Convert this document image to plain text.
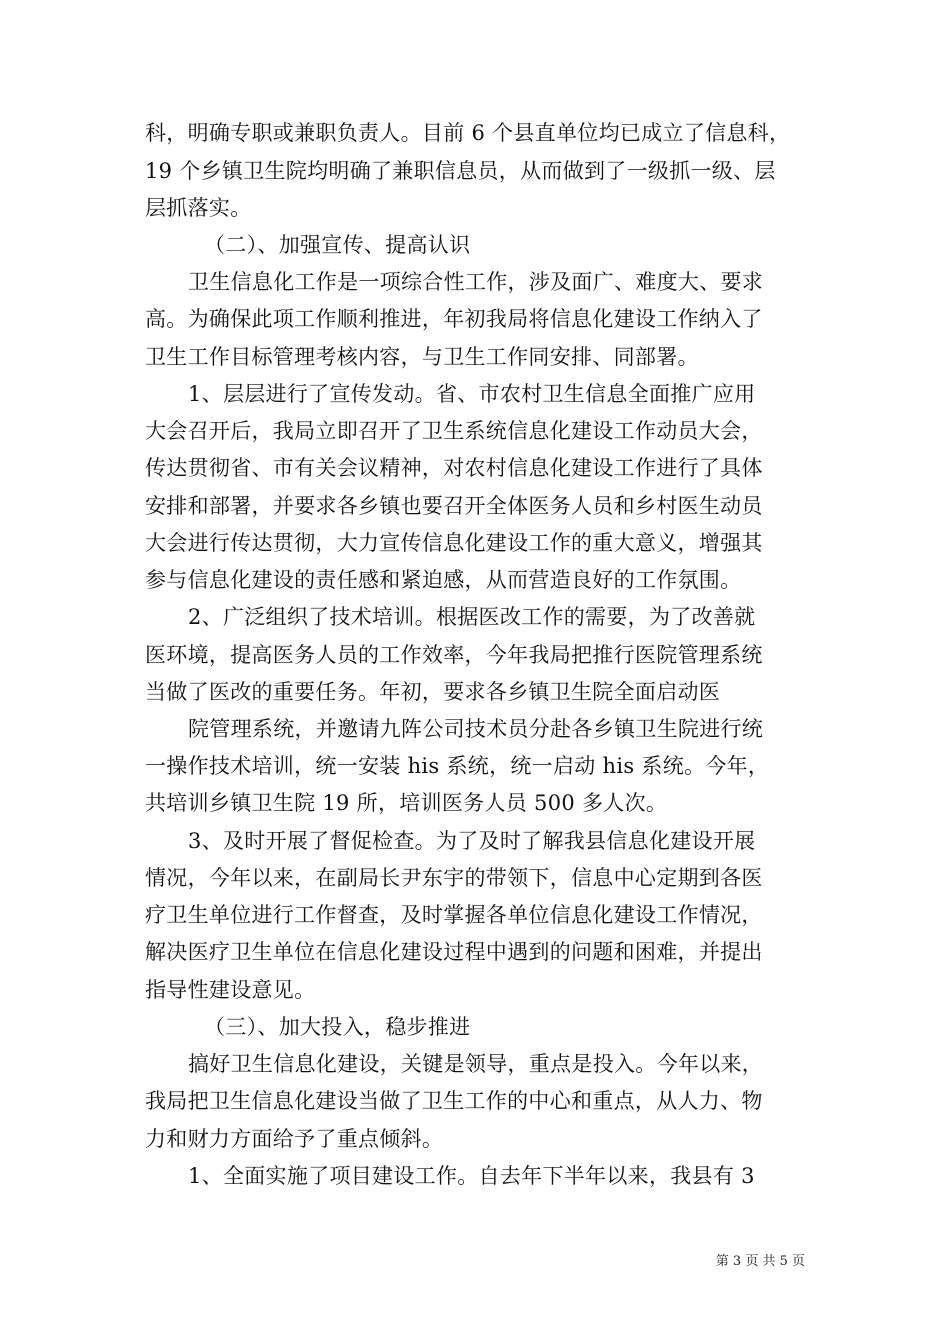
科，明确专职或兼职负责人。目前 6 个县直单位均已成立了信息科，
19 个乡镇卫生院均明确了兼职信息员，从而做到了一级抓一级、层
层抓落实。
（二）、加强宣传、提高认识
卫生信息化工作是一项综合性工作，涉及面广、难度大、要求
高。为确保此项工作顺利推进，年初我局将信息化建设工作纳入了
卫生工作目标管理考核内容，与卫生工作同安排、同部署。
1、层层进行了宣传发动。省、市农村卫生信息全面推广应用
大会召开后，我局立即召开了卫生系统信息化建设工作动员大会，
传达贯彻省、市有关会议精神，对农村信息化建设工作进行了具体
安排和部署，并要求各乡镇也要召开全体医务人员和乡村医生动员
大会进行传达贯彻，大力宣传信息化建设工作的重大意义，增强其
参与信息化建设的责任感和紧迫感，从而营造良好的工作氛围。
2、广泛组织了技术培训。根据医改工作的需要，为了改善就
医环境，提高医务人员的工作效率，今年我局把推行医院管理系统
当做了医改的重要任务。年初，要求各乡镇卫生院全面启动医
院管理系统，并邀请九阵公司技术员分赴各乡镇卫生院进行统
一操作技术培训，统一安装 his 系统，统一启动 his 系统。今年，
共培训乡镇卫生院 19 所，培训医务人员 500 多人次。
3、及时开展了督促检查。为了及时了解我县信息化建设开展
情况，今年以来，在副局长尹东宇的带领下，信息中心定期到各医
疗卫生单位进行工作督查，及时掌握各单位信息化建设工作情况，
解决医疗卫生单位在信息化建设过程中遇到的问题和困难，并提出
指导性建设意见。
（三）、加大投入，稳步推进
搞好卫生信息化建设，关键是领导，重点是投入。今年以来，
我局把卫生信息化建设当做了卫生工作的中心和重点，从人力、物
力和财力方面给予了重点倾斜。
1、全面实施了项目建设工作。自去年下半年以来，我县有 3
第 3 页 共 5 页
